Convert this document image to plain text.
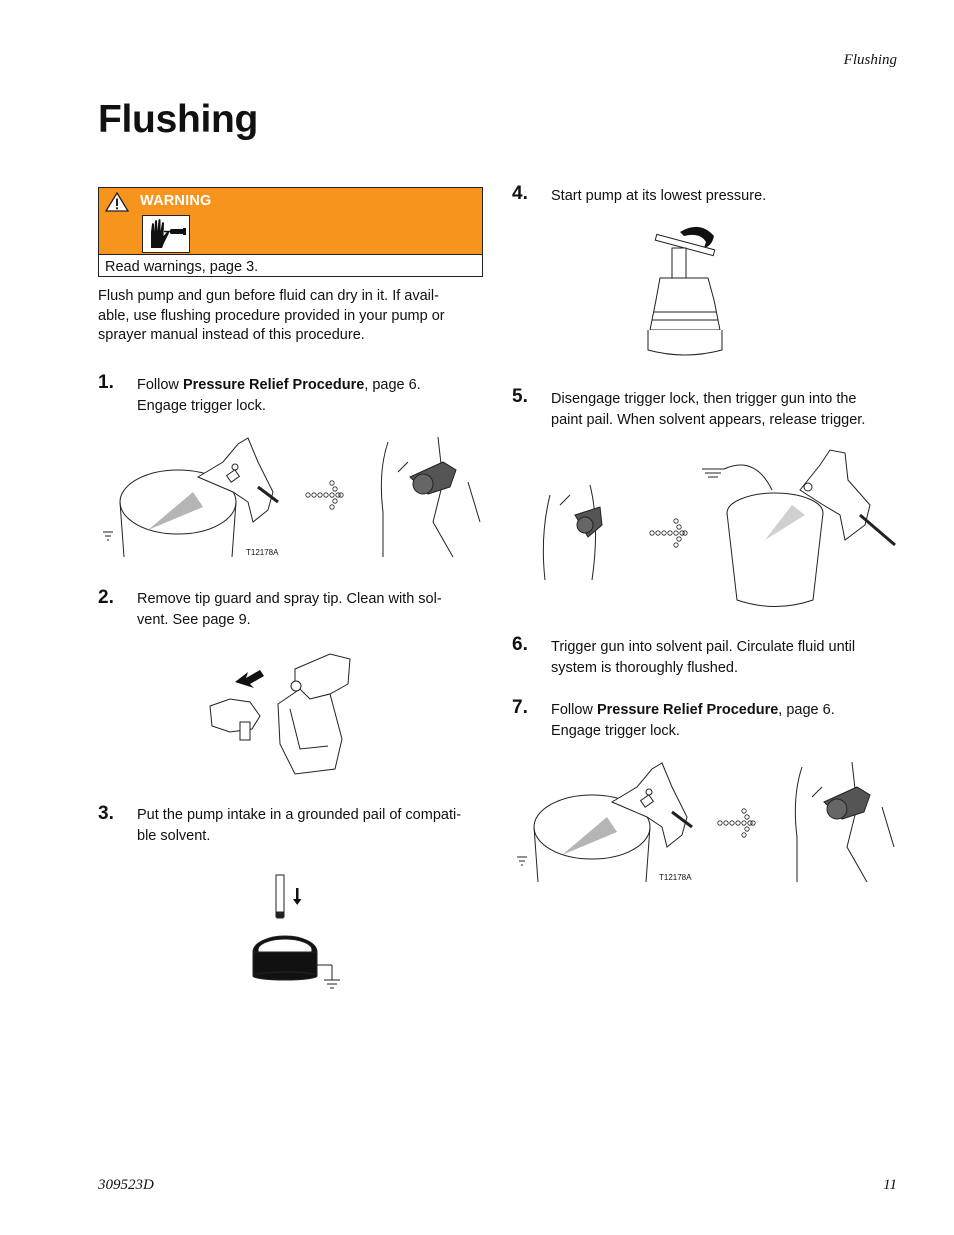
Flushing
Flushing
WARNING
Read warnings, page 3.
Flush pump and gun before fluid can dry in it. If avail-
able, use flushing procedure provided in your pump or
sprayer manual instead of this procedure.
1. Follow Pressure Relief Procedure, page 6.
Engage trigger lock.
T12178A
2. Remove tip guard and spray tip. Clean with sol-
vent. See page 9.
3. Put the pump intake in a grounded pail of compati-
ble solvent.
4. Start pump at its lowest pressure.
5. Disengage trigger lock, then trigger gun into the
paint pail. When solvent appears, release trigger.
6. Trigger gun into solvent pail. Circulate fluid until
system is thoroughly flushed.
7. Follow Pressure Relief Procedure, page 6.
Engage trigger lock.
T12178A
309523D	11
